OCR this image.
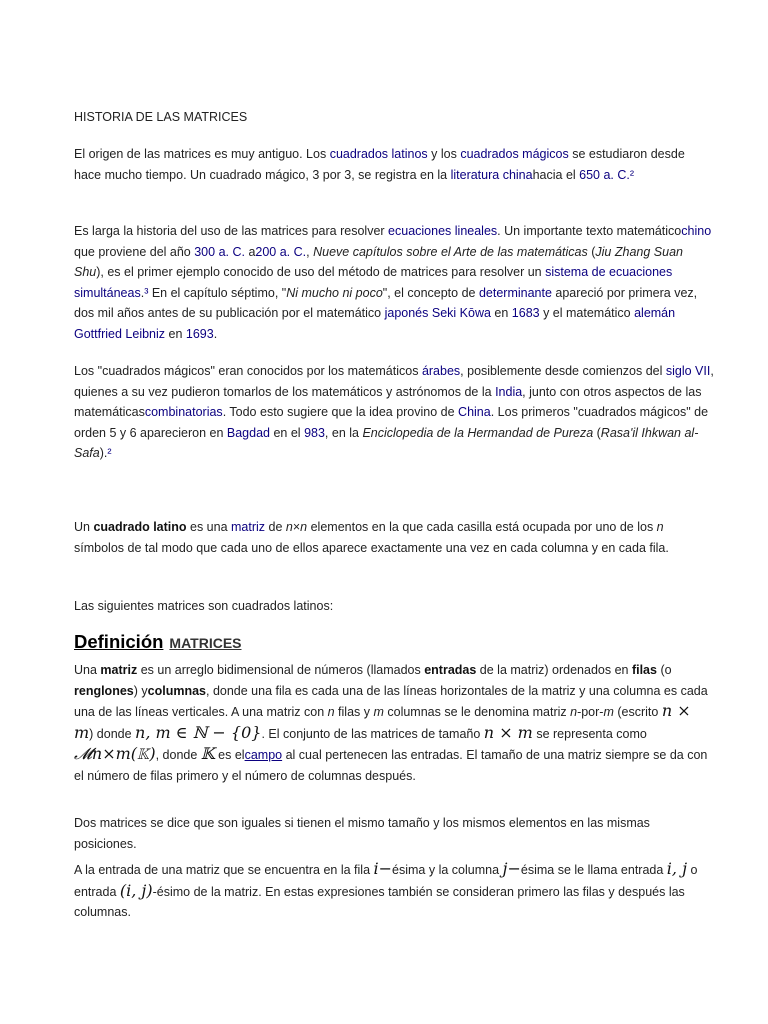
HISTORIA DE LAS MATRICES

El origen de las matrices es muy antiguo. Los cuadrados latinos y los cuadrados mágicos se estudiaron desde hace mucho tiempo. Un cuadrado mágico, 3 por 3, se registra en la literatura chinahacia el 650 a. C.²

Es larga la historia del uso de las matrices para resolver ecuaciones lineales. Un importante texto matemáticochino que proviene del año 300 a. C. a200 a. C., Nueve capítulos sobre el Arte de las matemáticas (Jiu Zhang Suan Shu), es el primer ejemplo conocido de uso del método de matrices para resolver un sistema de ecuaciones simultáneas.³ En el capítulo séptimo, "Ni mucho ni poco", el concepto de determinante apareció por primera vez, dos mil años antes de su publicación por el matemático japonés Seki Kōwa en 1683 y el matemático alemán Gottfried Leibniz en 1693.

Los "cuadrados mágicos" eran conocidos por los matemáticos árabes, posiblemente desde comienzos del siglo VII, quienes a su vez pudieron tomarlos de los matemáticos y astrónomos de la India, junto con otros aspectos de las matemáticascombinatorias. Todo esto sugiere que la idea provino de China. Los primeros "cuadrados mágicos" de orden 5 y 6 aparecieron en Bagdad en el 983, en la Enciclopedia de la Hermandad de Pureza (Rasa'il Ihkwan al-Safa).²

Un cuadrado latino es una matriz de n×n elementos en la que cada casilla está ocupada por uno de los n símbolos de tal modo que cada uno de ellos aparece exactamente una vez en cada columna y en cada fila.

Las siguientes matrices son cuadrados latinos:

Definición MATRICES

Una matriz es un arreglo bidimensional de números (llamados entradas de la matriz) ordenados en filas (o renglones) ycolumnas, donde una fila es cada una de las líneas horizontales de la matriz y una columna es cada una de las líneas verticales. A una matriz con n filas y m columnas se le denomina matriz n-por-m (escrito n × m) donde n, m ∈ ℕ − {0}. El conjunto de las matrices de tamaño n × m se representa como 𝓜n×m(𝕂), donde 𝕂 es elcampo al cual pertenecen las entradas. El tamaño de una matriz siempre se da con el número de filas primero y el número de columnas después.

Dos matrices se dice que son iguales si tienen el mismo tamaño y los mismos elementos en las mismas posiciones.

A la entrada de una matriz que se encuentra en la fila i−ésima y la columna j−ésima se le llama entrada i, j o entrada (i, j)-ésimo de la matriz. En estas expresiones también se consideran primero las filas y después las columnas.
